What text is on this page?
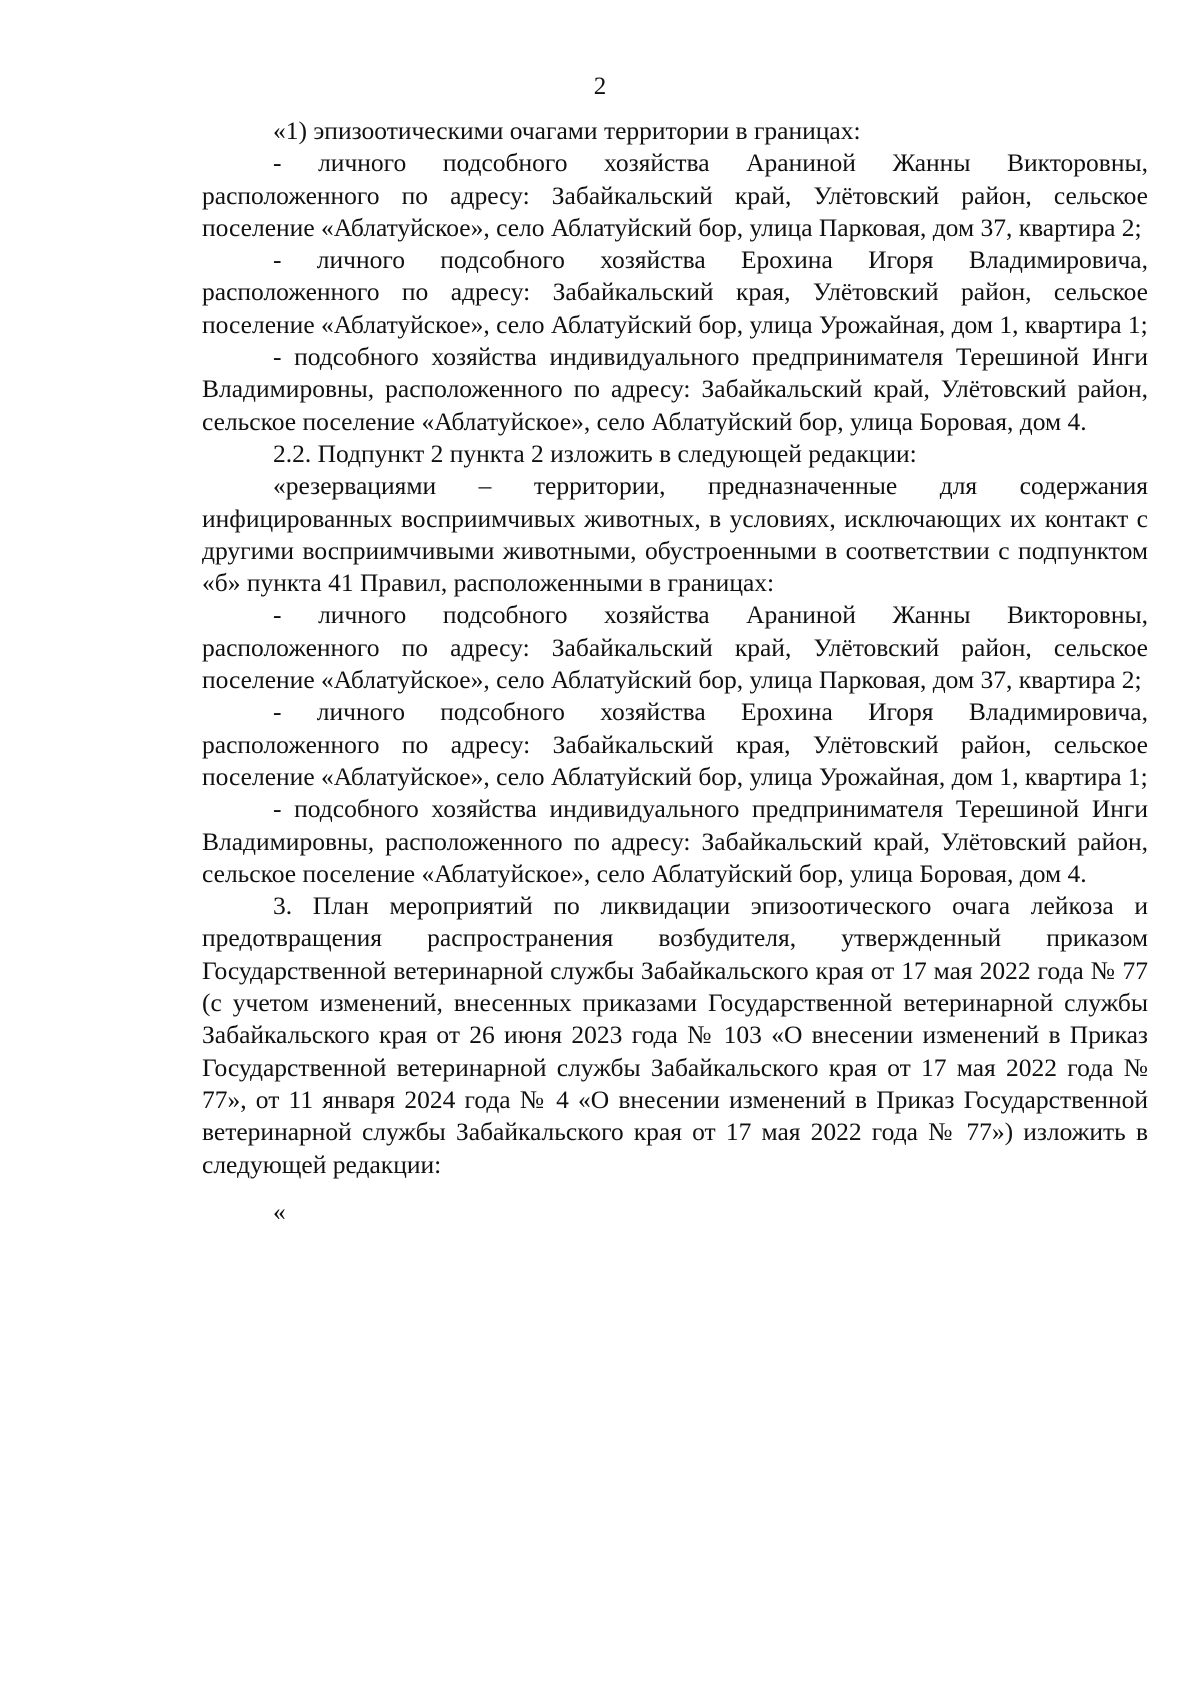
2

«1) эпизоотическими очагами территории в границах:

- личного подсобного хозяйства Араниной Жанны Викторовны, расположенного по адресу: Забайкальский край, Улётовский район, сельское поселение «Аблатуйское», село Аблатуйский бор, улица Парковая, дом 37, квартира 2;

- личного подсобного хозяйства Ерохина Игоря Владимировича, расположенного по адресу: Забайкальский края, Улётовский район, сельское поселение «Аблатуйское», село Аблатуйский бор, улица Урожайная, дом 1, квартира 1;

- подсобного хозяйства индивидуального предпринимателя Терешиной Инги Владимировны, расположенного по адресу: Забайкальский край, Улётовский район, сельское поселение «Аблатуйское», село Аблатуйский бор, улица Боровая, дом 4.

2.2. Подпункт 2 пункта 2 изложить в следующей редакции:

«резервациями – территории, предназначенные для содержания инфицированных восприимчивых животных, в условиях, исключающих их контакт с другими восприимчивыми животными, обустроенными в соответствии с подпунктом «б» пункта 41 Правил, расположенными в границах:

- личного подсобного хозяйства Араниной Жанны Викторовны, расположенного по адресу: Забайкальский край, Улётовский район, сельское поселение «Аблатуйское», село Аблатуйский бор, улица Парковая, дом 37, квартира 2;

- личного подсобного хозяйства Ерохина Игоря Владимировича, расположенного по адресу: Забайкальский края, Улётовский район, сельское поселение «Аблатуйское», село Аблатуйский бор, улица Урожайная, дом 1, квартира 1;

- подсобного хозяйства индивидуального предпринимателя Терешиной Инги Владимировны, расположенного по адресу: Забайкальский край, Улётовский район, сельское поселение «Аблатуйское», село Аблатуйский бор, улица Боровая, дом 4.

3. План мероприятий по ликвидации эпизоотического очага лейкоза и предотвращения распространения возбудителя, утвержденный приказом Государственной ветеринарной службы Забайкальского края от 17 мая 2022 года № 77 (с учетом изменений, внесенных приказами Государственной ветеринарной службы Забайкальского края от 26 июня 2023 года № 103 «О внесении изменений в Приказ Государственной ветеринарной службы Забайкальского края от 17 мая 2022 года № 77», от 11 января 2024 года № 4 «О внесении изменений в Приказ Государственной ветеринарной службы Забайкальского края от 17 мая 2022 года № 77») изложить в следующей редакции:

«
